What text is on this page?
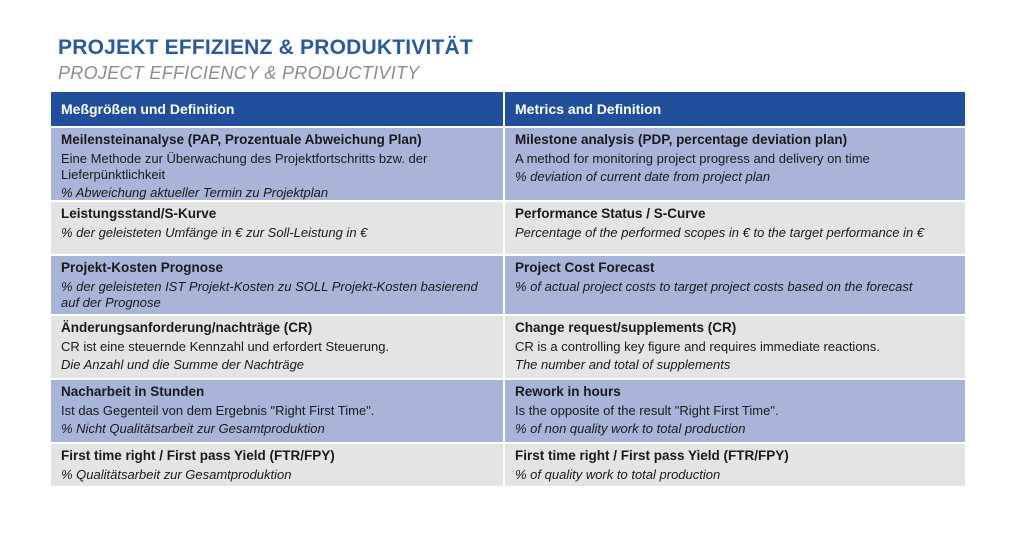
PROJEKT EFFIZIENZ & PRODUKTIVITÄT
PROJECT EFFICIENCY & PRODUCTIVITY
Meßgrößen und Definition	Metrics and Definition
Meilensteinanalyse (PAP, Prozentuale Abweichung Plan)
Eine Methode zur Überwachung des Projektfortschritts bzw. der Lieferpünktlichkeit
% Abweichung aktueller Termin zu Projektplan
Milestone analysis (PDP, percentage deviation plan)
A method for monitoring project progress and delivery on time
% deviation of current date from project plan
Leistungsstand/S-Kurve
% der geleisteten Umfänge in € zur Soll-Leistung in €
Performance Status / S-Curve
Percentage of the performed scopes in € to the target performance in €
Projekt-Kosten Prognose
% der geleisteten IST Projekt-Kosten zu SOLL Projekt-Kosten basierend auf der Prognose
Project Cost Forecast
% of actual project costs to target project costs based on the forecast
Änderungsanforderung/nachträge (CR)
CR ist eine steuernde Kennzahl und erfordert Steuerung.
Die Anzahl und die Summe der Nachträge
Change request/supplements (CR)
CR is a controlling key figure and requires immediate reactions.
The number and total of supplements
Nacharbeit in Stunden
Ist das Gegenteil von dem Ergebnis "Right First Time".
% Nicht Qualitätsarbeit zur Gesamtproduktion
Rework in hours
Is the opposite of the result "Right First Time".
% of non quality work to total production
First time right / First pass Yield (FTR/FPY)
% Qualitätsarbeit zur Gesamtproduktion
First time right / First pass Yield (FTR/FPY)
% of quality work to total production
